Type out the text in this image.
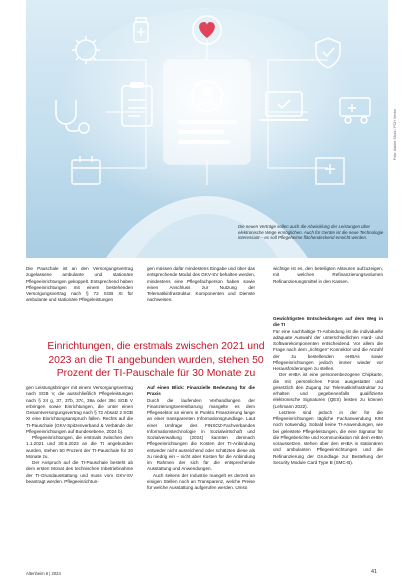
Die neuen Verträge sollen auch die Abwicklung der Leistungen über elektronische Wege ermöglichen. Auch für Geräte ist die neue Technologie interessant – es soll Pflegeheime flächendeckend erreicht werden.
Foto: Adobe Stock / PCH.Vector

Die Pauschale ist an den Versorgungsvertrag zugelassene ambulante und stationäre Pflegeeinrichtungen gekoppelt. Entsprechend haben Pflegeeinrichtungen mit einem bestehenden Versorgungsvertrag nach § 72 SGB XI für ambulante und stationäre Pflegeleistungen

gen müssen dafür mindestens Eingabe und über das entsprechende Modul des GKV-SV behalten werden, mindestens eine Pflegefachperson haben sowie einen Anschluss zur Nutzung der Telematikinfrastruktur. Komponenten und Dienste nachweisen.

wichtige ist es, den beteiligten Akteuren aufzuzeigen, mit welchen Refinanzierungsvolumen Refinanzierungsmittel in den Kassen.

Einrichtungen, die erstmals zwischen 2021 und 2023 an die TI angebunden wurden, stehen 50 Prozent der TI-Pauschale für 30 Monate zu

gen Leistungsbringer mit einem Versorgungsvertrag nach SGB V, die ausschließlich Pflegeleistungen nach § 24 g, 37, 37b, 37c, 39a oder 39c SGB V erbringen sowie Einrichtungen, die unter einen Gesamtversorgungsvertrag nach § 72 Absatz 2 SGB XI eine Einrichtungsanspruch fallen. Rechts auf die TI-Pauschale (GKV-Spitzenverband & Verbände der Pflegeeinrichtungen auf Bundesebene, 2024 b).

Pflegeeinrichtungen, die erstmals zwischen dem 1.1.2021 und 30.6.2023 an die TI angebunden wurden, stehen 50 Prozent der TI-Pauschale für 30 Monate zu.

Der Anspruch auf die TI-Pauschale besteht ab dem ersten Monat des technischen Inbetriebnahme der TI-Grundausstattung und muss vom GKV-SV beantragt werden. Pflegeeinrichtun-

Auf einen Blick: Finanzielle Bedeutung für die Praxis

Durch die laufenden Verhandlungen der Finanzierungsvereinbarung mangelte es dem Pflegesektor an einem in Punkto Finanzierung lange an einer transparenten Informationsgrundlage. Laut einer Umfrage des FINSOZ-Fachverbandes Informationstechnologie in Sozialwirtschaft und Sozialverwaltung (2024) kannten demnach Pflegeeinrichtungen die Kosten der TI-Anbindung entweder nicht ausreichend oder schätzten diese als zu niedrig ein – nicht aber Kosten für die Anbindung im Rahmen der sich für die entsprechende Ausstattung und Anwendungen.

Auch seitens der Industrie mangelt es derzeit an einigen Stellen noch an Transparenz, welche Preise für welche Ausstattung aufgerufen werden. Umso

Gewichtigsten Entscheidungen auf dem Weg in die TI

Für eine nachhaltige TI-Anbindung ist die individuelle adäquate Auswahl der unterschiedlichen Hard- und Softwarekomponenten entscheidend. Vor allem die Frage nach dem „richtigen“ Konnektor und die Anzahl der zu bestellenden eHBAs sowie Pflegeeinrichtungen jedoch immer wieder vor Herausforderungen zu stellen.

Der eHBA ist eine personenbezogene Chipkarte, die mit persönlichen Fotos ausgestattet und gesetzlich den Zugang zur Telematikinfrastruktur zu erhalten und gegebenenfalls qualifizierte elektronische Signaturen (QES) leisten zu können (Lehmann 2022).

Letztere sind jedoch in der für die Pflegeeinrichtungen tägliche Fachanwendung KIM noch notwendig. Sobald keine TI-Anwendungen, wie bei geleistete Pflegeleistungen, die eine Signatur für die Pflegeberichte und Kommunikation mit dem eHBA voraussetzen, stehen über den eHBA in stationären und ambulanten Pflegeeinrichtungen und die Refinanzierung der Grundlage zur Bestellung der Security Module Card Type B (SMC-B).

Altenheim 6 | 2024	41
